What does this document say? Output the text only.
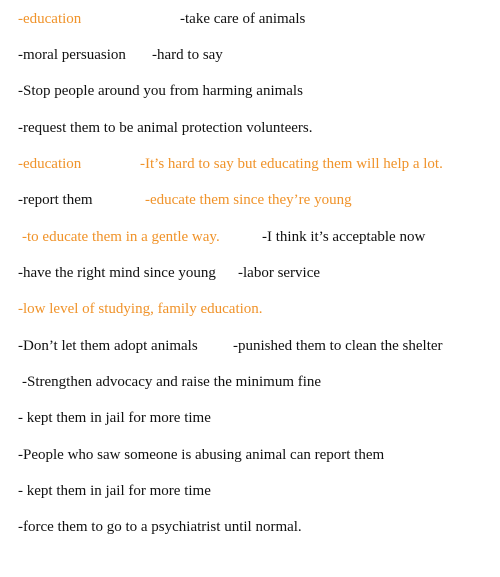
-education

	-take care of animals

-moral persuasion

-hard to say

-Stop people around you from harming animals

-request them to be animal protection volunteers.

-education

	-It’s hard to say but educating them will help a lot.

-report them

	-educate them since they’re young

-to educate them in a gentle way.

	-I think it’s acceptable now

-have the right mind since young

-labor service

-low level of studying, family education.

-Don’t let them adopt animals

-punished them to clean the shelter

-Strengthen advocacy and raise the minimum fine

- kept them in jail for more time

-People who saw someone is abusing animal can report them

- kept them in jail for more time

-force them to go to a psychiatrist until normal.
